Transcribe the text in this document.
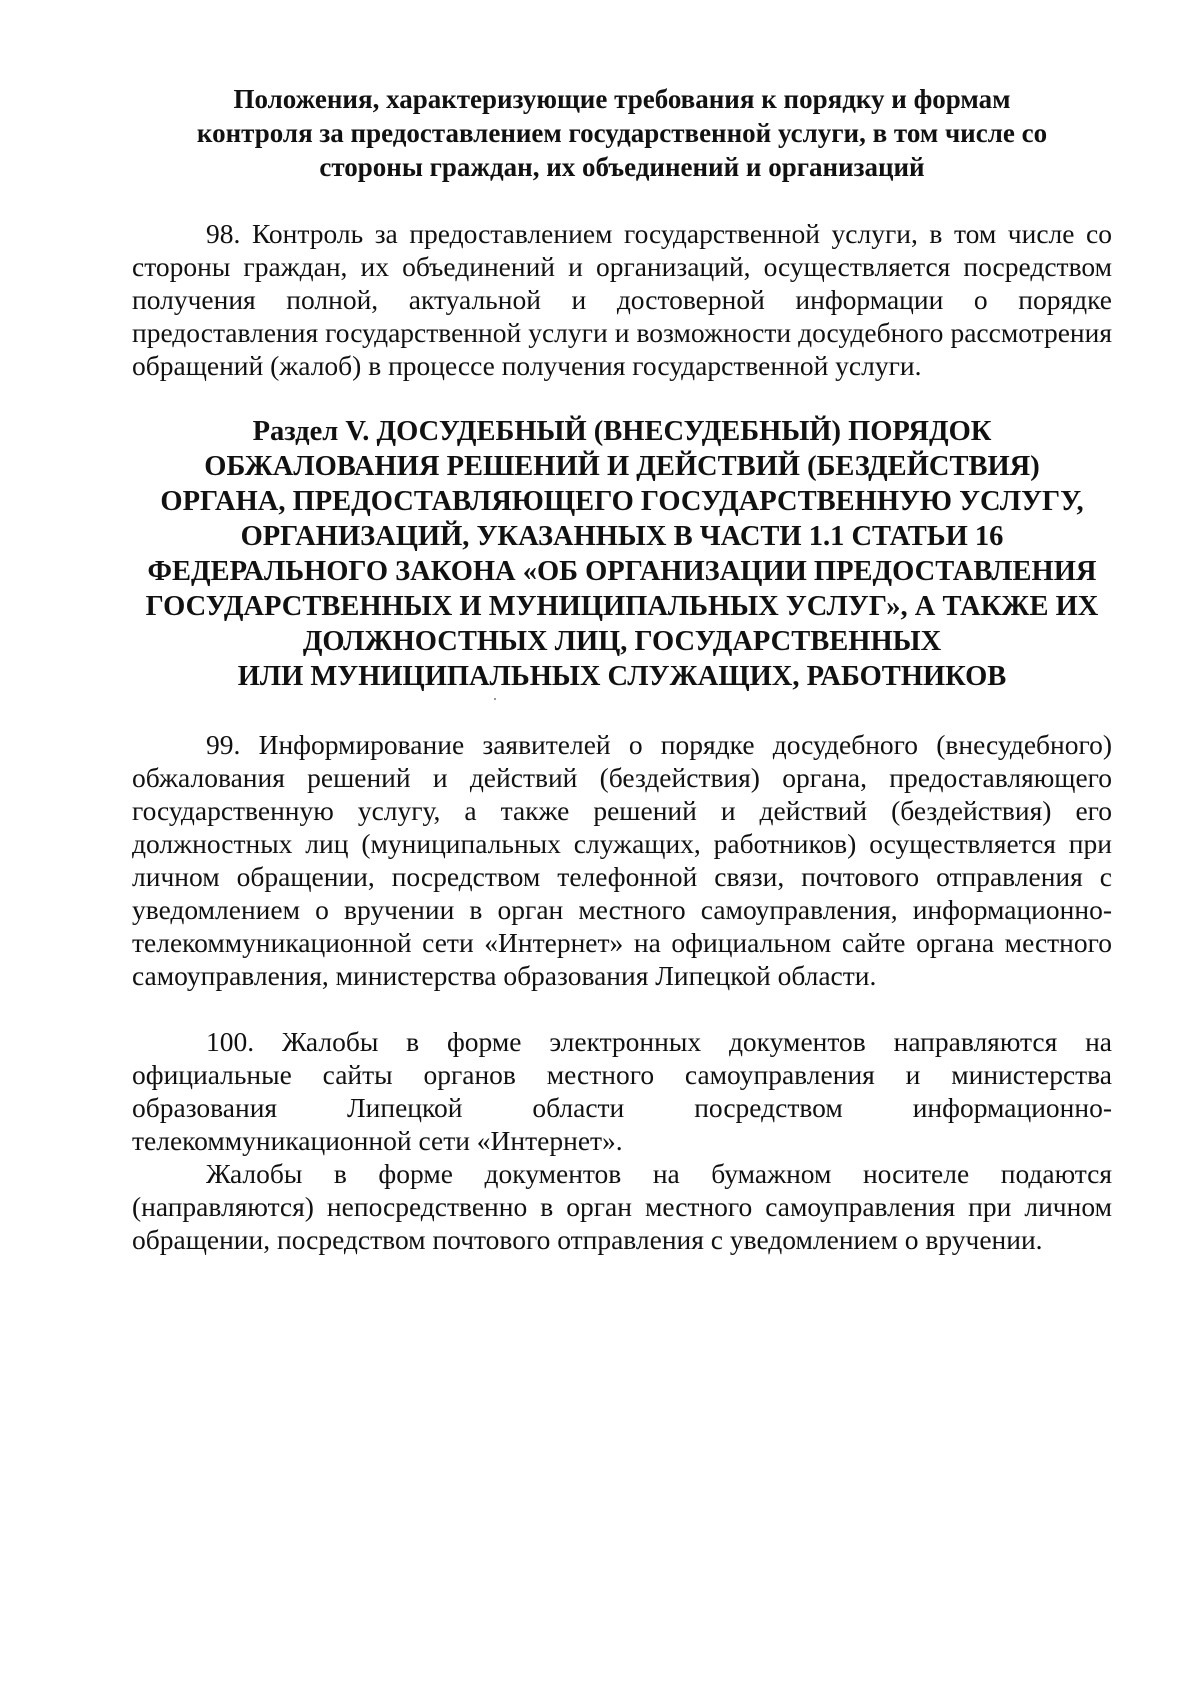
Положения, характеризующие требования к порядку и формам
контроля за предоставлением государственной услуги, в том числе со
стороны граждан, их объединений и организаций

98. Контроль за предоставлением государственной услуги, в том числе со
стороны граждан, их объединений и организаций, осуществляется посредством
получения полной, актуальной и достоверной информации о порядке
предоставления государственной услуги и возможности досудебного рассмотрения
обращений (жалоб) в процессе получения государственной услуги.

Раздел V. ДОСУДЕБНЫЙ (ВНЕСУДЕБНЫЙ) ПОРЯДОК
ОБЖАЛОВАНИЯ РЕШЕНИЙ И ДЕЙСТВИЙ (БЕЗДЕЙСТВИЯ)
ОРГАНА, ПРЕДОСТАВЛЯЮЩЕГО ГОСУДАРСТВЕННУЮ УСЛУГУ,
ОРГАНИЗАЦИЙ, УКАЗАННЫХ В ЧАСТИ 1.1 СТАТЬИ 16
ФЕДЕРАЛЬНОГО ЗАКОНА «ОБ ОРГАНИЗАЦИИ ПРЕДОСТАВЛЕНИЯ
ГОСУДАРСТВЕННЫХ И МУНИЦИПАЛЬНЫХ УСЛУГ», А ТАКЖЕ ИХ
ДОЛЖНОСТНЫХ ЛИЦ, ГОСУДАРСТВЕННЫХ
ИЛИ МУНИЦИПАЛЬНЫХ СЛУЖАЩИХ, РАБОТНИКОВ

99. Информирование заявителей о порядке досудебного (внесудебного)
обжалования решений и действий (бездействия) органа, предоставляющего
государственную услугу, а также решений и действий (бездействия) его
должностных лиц (муниципальных служащих, работников) осуществляется при
личном обращении, посредством телефонной связи, почтового отправления с
уведомлением о вручении в орган местного самоуправления, информационно-
телекоммуникационной сети «Интернет» на официальном сайте органа местного
самоуправления, министерства образования Липецкой области.

100. Жалобы в форме электронных документов направляются на
официальные сайты органов местного самоуправления и министерства
образования Липецкой области посредством информационно-
телекоммуникационной сети «Интернет».

Жалобы в форме документов на бумажном носителе подаются
(направляются) непосредственно в орган местного самоуправления при личном
обращении, посредством почтового отправления с уведомлением о вручении.
